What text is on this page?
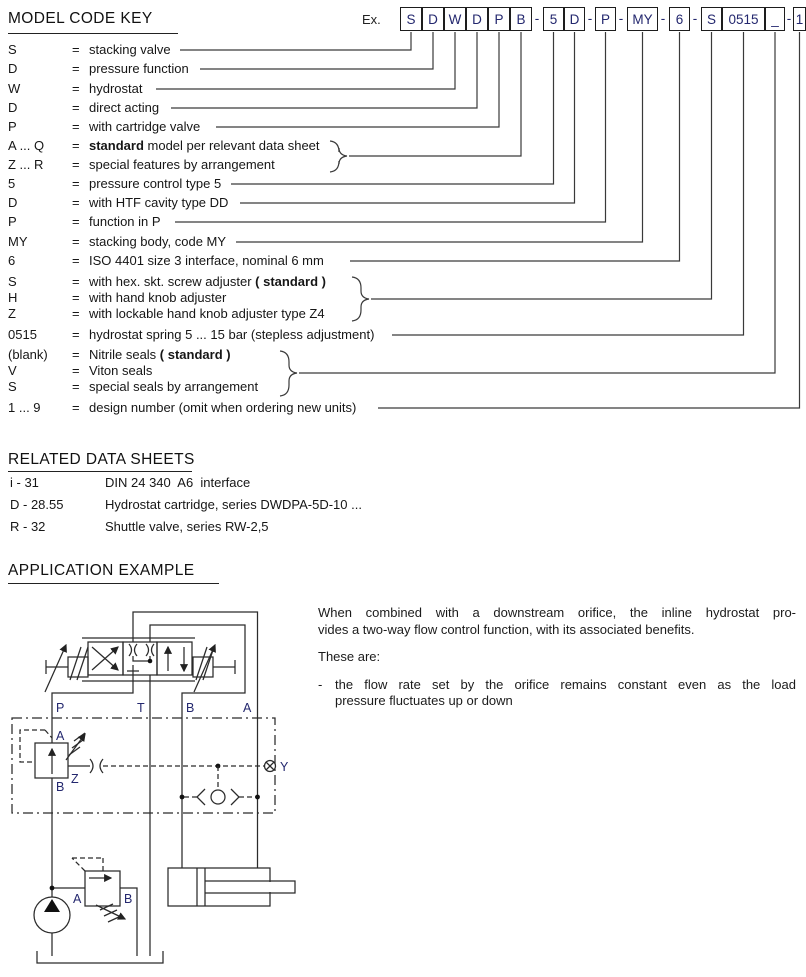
MODEL CODE KEY	Ex.	S D W D P B - 5 D - P - MY - 6 - S 0515 _ - 1
S	= stacking valve
D	= pressure function
W	= hydrostat
D	= direct acting
P	= with cartridge valve
A ... Q = standard model per relevant data sheet
Z ... R = special features by arrangement
5	= pressure control type 5
D	= with HTF cavity type DD
P	= function in P
MY	= stacking body, code MY
6	= ISO 4401 size 3 interface, nominal 6 mm
S	= with hex. skt. screw adjuster ( standard )
H	= with hand knob adjuster
Z	= with lockable hand knob adjuster type Z4
0515	= hydrostat spring 5 ... 15 bar (stepless adjustment)
(blank) = Nitrile seals ( standard )
V	= Viton seals
S	= special seals by arrangement
1 ... 9 = design number (omit when ordering new units)
RELATED DATA SHEETS
i - 31	DIN 24 340  A6  interface
D - 28.55	Hydrostat cartridge, series DWDPA-5D-10 ...
R - 32	Shuttle valve, series RW-2,5
APPLICATION EXAMPLE
When combined with a downstream orifice, the inline hydrostat pro-
vides a two-way flow control function, with its associated benefits.
These are:
- the flow rate set by the orifice remains constant even as the load
pressure fluctuates up or down
P	T	B	A
A
B
Z
Y
A	B
